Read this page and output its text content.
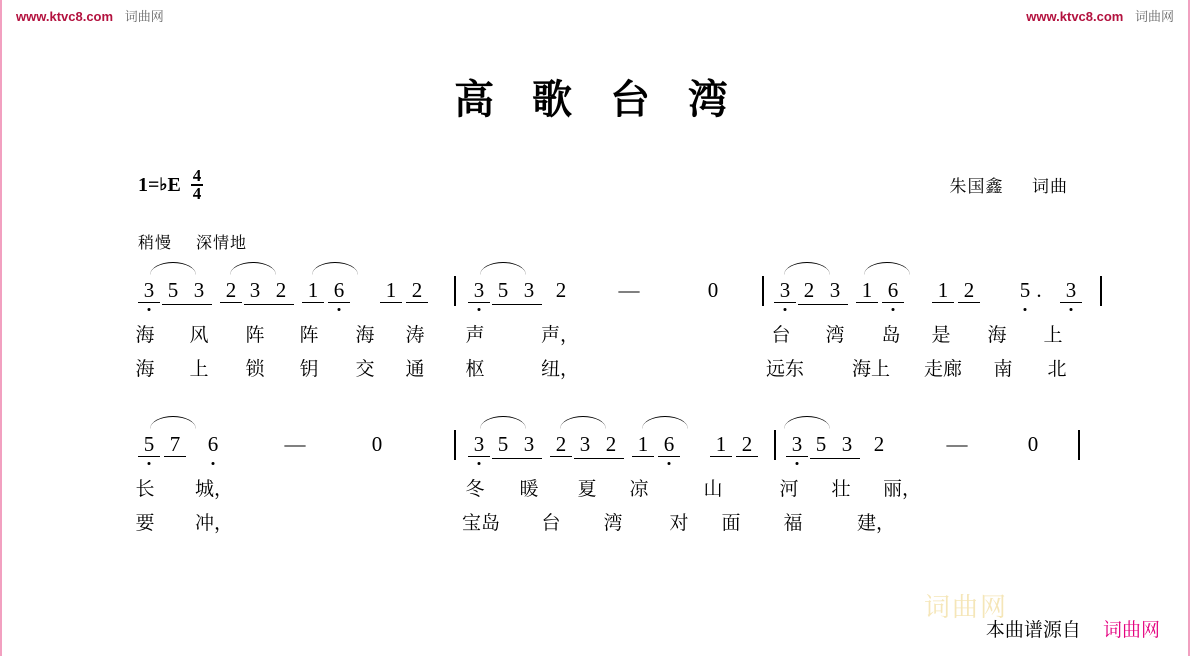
www.ktvc8.com 词曲网	www.ktvc8.com 词曲网
高 歌 台 湾
1= ♭ E $\frac{4}{4}$	朱国鑫 词曲
稍慢 深情地
3 5 3 2 3 2 1 6 1 2 3 5 3 2 —	0	3 2 3 1 6 1 2 5 . 3
海 风 阵 阵 海 涛 声	声，	台 湾 岛 是 海 上
海 上 锁 钥 交 通 枢	纽，	远东	海上	走廊	南 北
5 7 6	—	0	3 5 3 2 3 2 1 6 1 2 3 5 3 2	—	0
长 城，	冬 暖 夏 凉	山	河 壮 丽，
要 冲，	宝岛	台 湾 对 面 福	建，
词曲网
本曲谱源自 词曲网
